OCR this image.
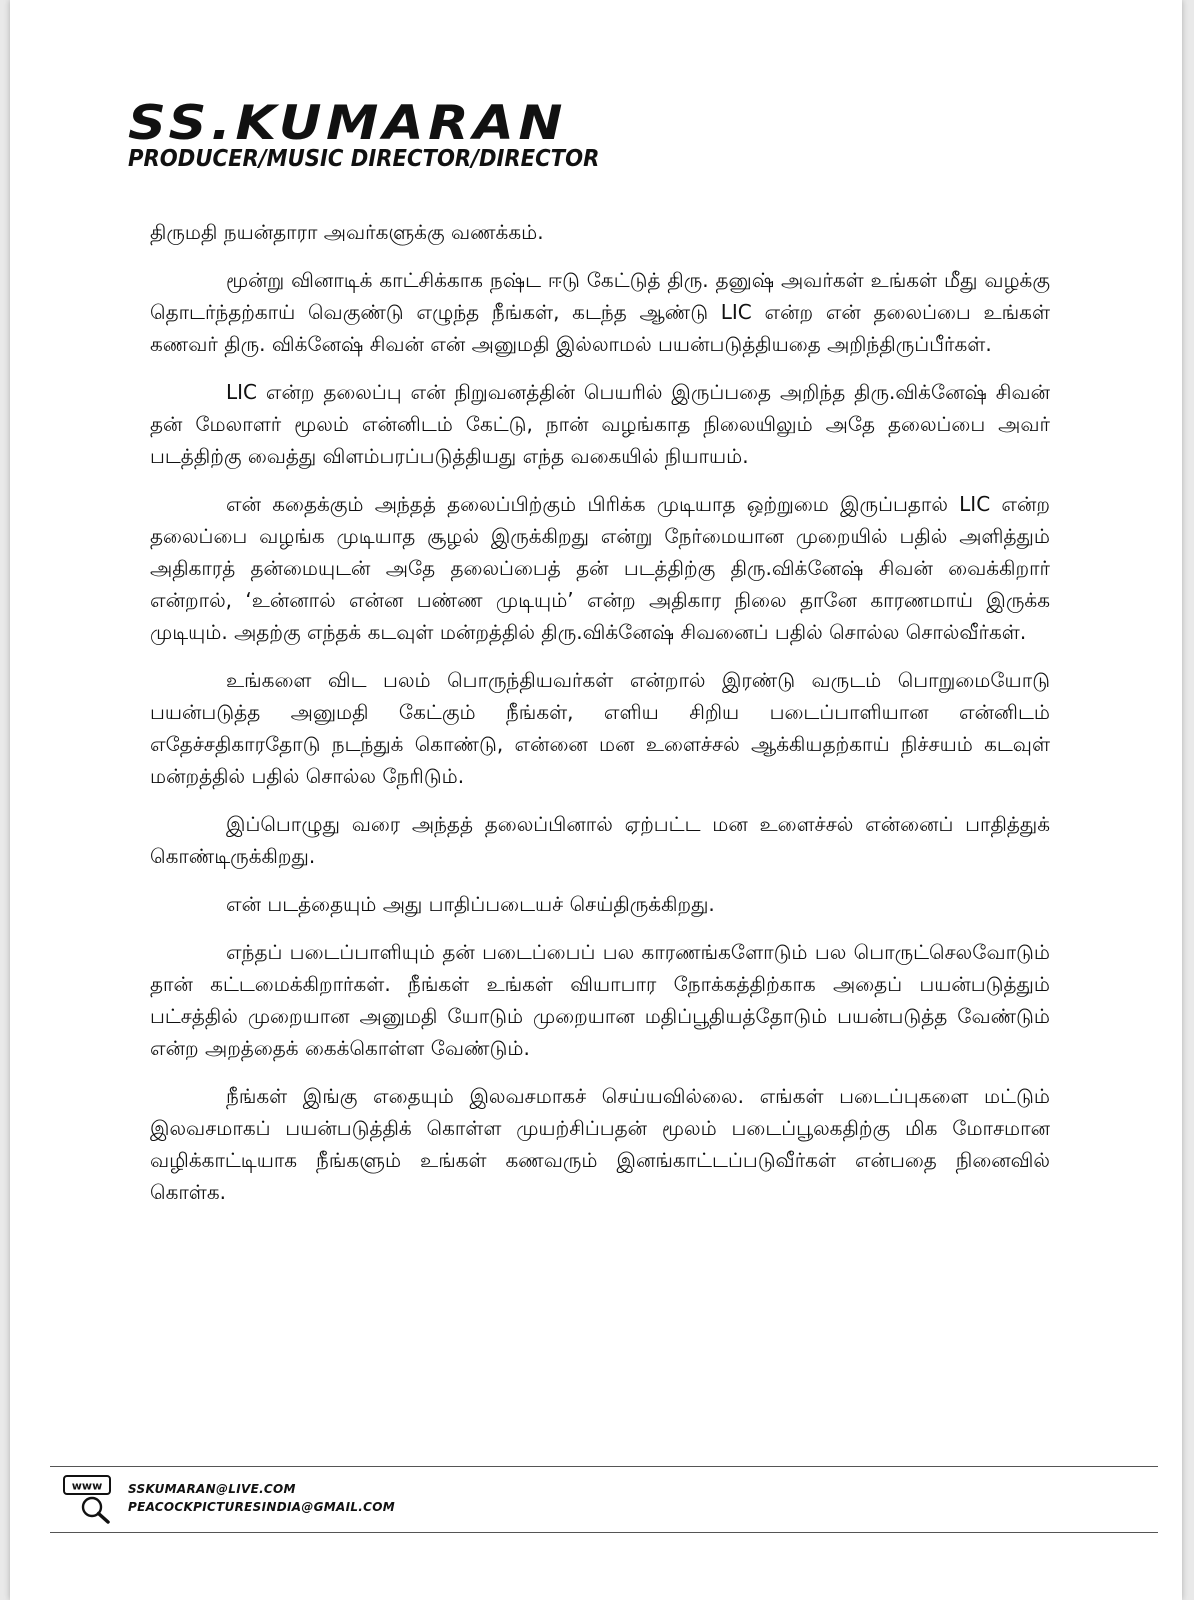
SS.KUMARAN
PRODUCER/MUSIC DIRECTOR/DIRECTOR

திருமதி நயன்தாரா அவர்களுக்கு வணக்கம்.

மூன்று வினாடிக் காட்சிக்காக நஷ்ட ஈடு கேட்டுத் திரு. தனுஷ் அவர்கள் உங்கள் மீது வழக்கு தொடர்ந்தற்காய் வெகுண்டு எழுந்த நீங்கள், கடந்த ஆண்டு LIC என்ற என் தலைப்பை உங்கள் கணவர் திரு. விக்னேஷ் சிவன் என் அனுமதி இல்லாமல் பயன்படுத்தியதை அறிந்திருப்பீர்கள்.

LIC என்ற தலைப்பு என் நிறுவனத்தின் பெயரில் இருப்பதை அறிந்த திரு.விக்னேஷ் சிவன் தன் மேலாளர் மூலம் என்னிடம் கேட்டு, நான் வழங்காத நிலையிலும் அதே தலைப்பை அவர் படத்திற்கு வைத்து விளம்பரப்படுத்தியது எந்த வகையில் நியாயம்.

என் கதைக்கும் அந்தத் தலைப்பிற்கும் பிரிக்க முடியாத ஒற்றுமை இருப்பதால் LIC என்ற தலைப்பை வழங்க முடியாத சூழல் இருக்கிறது என்று நேர்மையான முறையில் பதில் அளித்தும் அதிகாரத் தன்மையுடன் அதே தலைப்பைத் தன் படத்திற்கு திரு.விக்னேஷ் சிவன் வைக்கிறார் என்றால், ‘உன்னால் என்ன பண்ண முடியும்’ என்ற அதிகார நிலை தானே காரணமாய் இருக்க முடியும். அதற்கு எந்தக் கடவுள் மன்றத்தில் திரு.விக்னேஷ் சிவனைப் பதில் சொல்ல சொல்வீர்கள்.

உங்களை விட பலம் பொருந்தியவர்கள் என்றால் இரண்டு வருடம் பொறுமையோடு பயன்படுத்த அனுமதி கேட்கும் நீங்கள், எளிய சிறிய படைப்பாளியான என்னிடம் எதேச்சதிகாரதோடு நடந்துக் கொண்டு, என்னை மன உளைச்சல் ஆக்கியதற்காய் நிச்சயம் கடவுள் மன்றத்தில் பதில் சொல்ல நேரிடும்.

இப்பொழுது வரை அந்தத் தலைப்பினால் ஏற்பட்ட மன உளைச்சல் என்னைப் பாதித்துக் கொண்டிருக்கிறது.

என் படத்தையும் அது பாதிப்படையச் செய்திருக்கிறது.

எந்தப் படைப்பாளியும் தன் படைப்பைப் பல காரணங்களோடும் பல பொருட்செலவோடும் தான் கட்டமைக்கிறார்கள். நீங்கள் உங்கள் வியாபார நோக்கத்திற்காக அதைப் பயன்படுத்தும் பட்சத்தில் முறையான அனுமதி யோடும் முறையான மதிப்பூதியத்தோடும் பயன்படுத்த வேண்டும் என்ற அறத்தைக் கைக்கொள்ள வேண்டும்.

நீங்கள் இங்கு எதையும் இலவசமாகச் செய்யவில்லை. எங்கள் படைப்புகளை மட்டும் இலவசமாகப் பயன்படுத்திக் கொள்ள முயற்சிப்பதன் மூலம் படைப்பூலகதிற்கு மிக மோசமான வழிக்காட்டியாக நீங்களும் உங்கள் கணவரும் இனங்காட்டப்படுவீர்கள் என்பதை நினைவில் கொள்க.

www SSKUMARAN@LIVE.COM
PEACOCKPICTURESINDIA@GMAIL.COM
